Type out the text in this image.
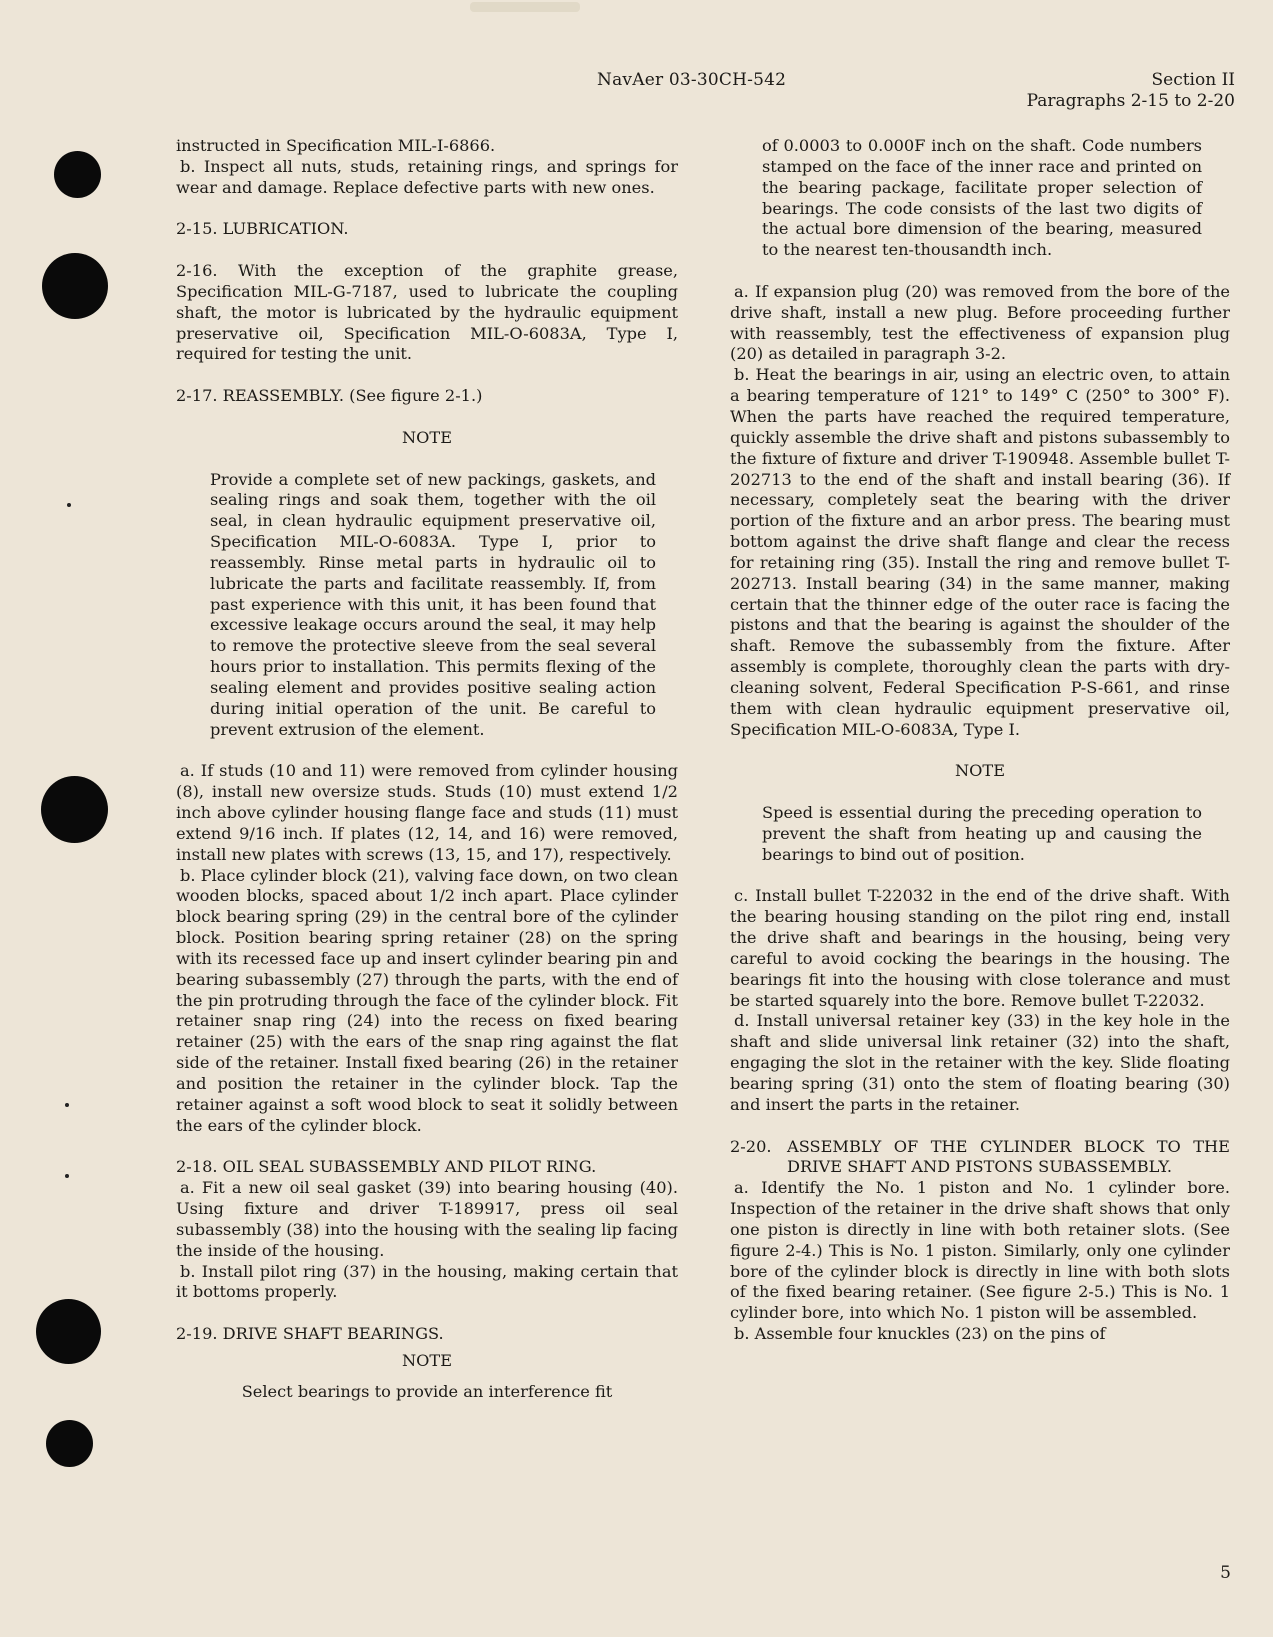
NavAer 03-30CH-542	Section II
Paragraphs 2-15 to 2-20

instructed in Specification MIL-I-6866.

b. Inspect all nuts, studs, retaining rings, and springs for wear and damage. Replace defective parts with new ones.

2-15. LUBRICATION.

2-16. With the exception of the graphite grease, Specification MIL-G-7187, used to lubricate the coupling shaft, the motor is lubricated by the hydraulic equipment preservative oil, Specification MIL-O-6083A, Type I, required for testing the unit.

2-17. REASSEMBLY. (See figure 2-1.)

NOTE

Provide a complete set of new packings, gaskets, and sealing rings and soak them, together with the oil seal, in clean hydraulic equipment preservative oil, Specification MIL-O-6083A. Type I, prior to reassembly. Rinse metal parts in hydraulic oil to lubricate the parts and facilitate reassembly. If, from past experience with this unit, it has been found that excessive leakage occurs around the seal, it may help to remove the protective sleeve from the seal several hours prior to installation. This permits flexing of the sealing element and provides positive sealing action during initial operation of the unit. Be careful to prevent extrusion of the element.

a. If studs (10 and 11) were removed from cylinder housing (8), install new oversize studs. Studs (10) must extend 1/2 inch above cylinder housing flange face and studs (11) must extend 9/16 inch. If plates (12, 14, and 16) were removed, install new plates with screws (13, 15, and 17), respectively.

b. Place cylinder block (21), valving face down, on two clean wooden blocks, spaced about 1/2 inch apart. Place cylinder block bearing spring (29) in the central bore of the cylinder block. Position bearing spring retainer (28) on the spring with its recessed face up and insert cylinder bearing pin and bearing subassembly (27) through the parts, with the end of the pin protruding through the face of the cylinder block. Fit retainer snap ring (24) into the recess on fixed bearing retainer (25) with the ears of the snap ring against the flat side of the retainer. Install fixed bearing (26) in the retainer and position the retainer in the cylinder block. Tap the retainer against a soft wood block to seat it solidly between the ears of the cylinder block.

2-18. OIL SEAL SUBASSEMBLY AND PILOT RING.

a. Fit a new oil seal gasket (39) into bearing housing (40). Using fixture and driver T-189917, press oil seal subassembly (38) into the housing with the sealing lip facing the inside of the housing.

b. Install pilot ring (37) in the housing, making certain that it bottoms properly.

2-19. DRIVE SHAFT BEARINGS.

NOTE

Select bearings to provide an interference fit

of 0.0003 to 0.000F inch on the shaft. Code numbers stamped on the face of the inner race and printed on the bearing package, facilitate proper selection of bearings. The code consists of the last two digits of the actual bore dimension of the bearing, measured to the nearest ten-thousandth inch.

a. If expansion plug (20) was removed from the bore of the drive shaft, install a new plug. Before proceeding further with reassembly, test the effectiveness of expansion plug (20) as detailed in paragraph 3-2.

b. Heat the bearings in air, using an electric oven, to attain a bearing temperature of 121° to 149° C (250° to 300° F). When the parts have reached the required temperature, quickly assemble the drive shaft and pistons subassembly to the fixture of fixture and driver T-190948. Assemble bullet T-202713 to the end of the shaft and install bearing (36). If necessary, completely seat the bearing with the driver portion of the fixture and an arbor press. The bearing must bottom against the drive shaft flange and clear the recess for retaining ring (35). Install the ring and remove bullet T-202713. Install bearing (34) in the same manner, making certain that the thinner edge of the outer race is facing the pistons and that the bearing is against the shoulder of the shaft. Remove the subassembly from the fixture. After assembly is complete, thoroughly clean the parts with dry-cleaning solvent, Federal Specification P-S-661, and rinse them with clean hydraulic equipment preservative oil, Specification MIL-O-6083A, Type I.

NOTE

Speed is essential during the preceding operation to prevent the shaft from heating up and causing the bearings to bind out of position.

c. Install bullet T-22032 in the end of the drive shaft. With the bearing housing standing on the pilot ring end, install the drive shaft and bearings in the housing, being very careful to avoid cocking the bearings in the housing. The bearings fit into the housing with close tolerance and must be started squarely into the bore. Remove bullet T-22032.

d. Install universal retainer key (33) in the key hole in the shaft and slide universal link retainer (32) into the shaft, engaging the slot in the retainer with the key. Slide floating bearing spring (31) onto the stem of floating bearing (30) and insert the parts in the retainer.

2-20. ASSEMBLY OF THE CYLINDER BLOCK TO THE DRIVE SHAFT AND PISTONS SUBASSEMBLY.

a. Identify the No. 1 piston and No. 1 cylinder bore. Inspection of the retainer in the drive shaft shows that only one piston is directly in line with both retainer slots. (See figure 2-4.) This is No. 1 piston. Similarly, only one cylinder bore of the cylinder block is directly in line with both slots of the fixed bearing retainer. (See figure 2-5.) This is No. 1 cylinder bore, into which No. 1 piston will be assembled.

b. Assemble four knuckles (23) on the pins of

5
